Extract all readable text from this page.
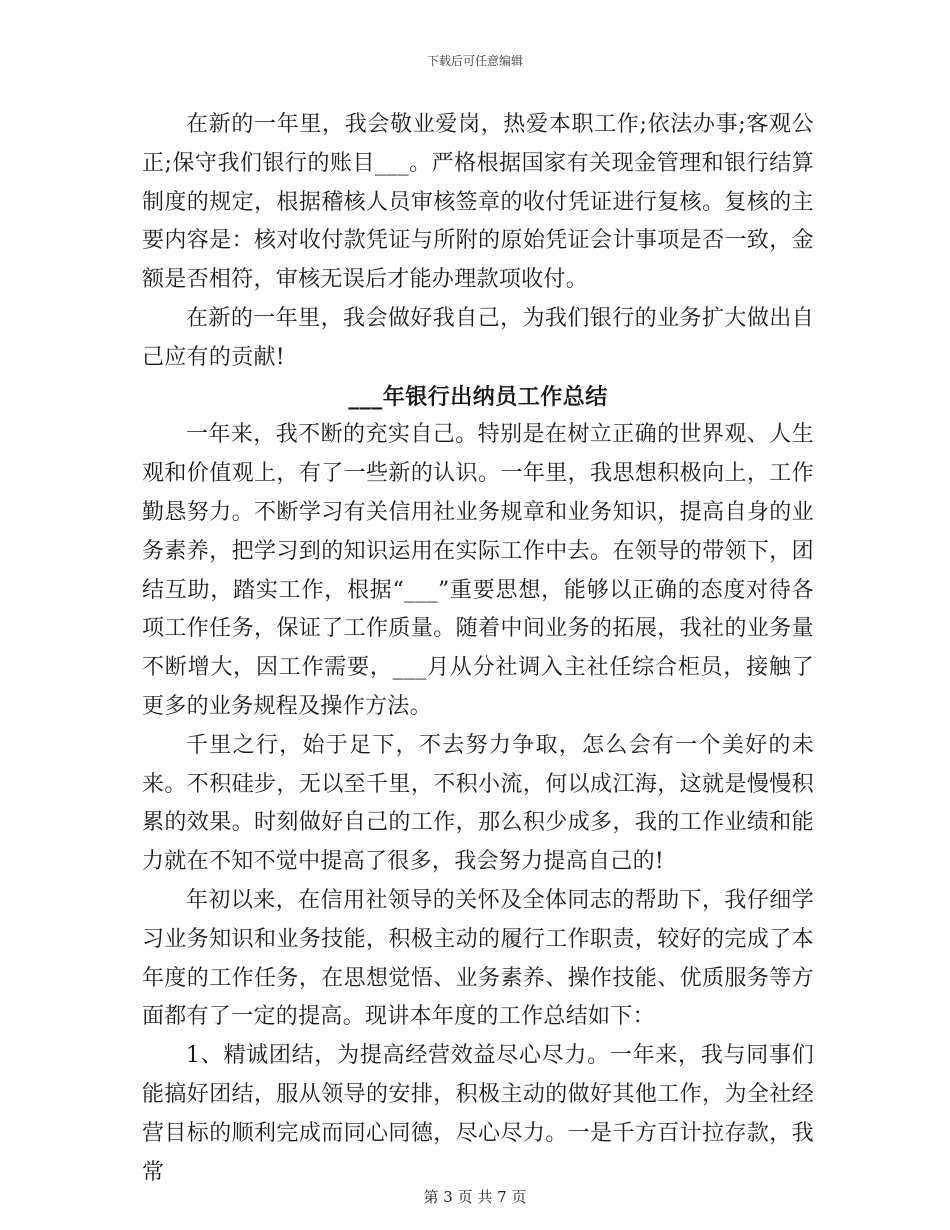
下载后可任意编辑

在新的一年里，我会敬业爱岗，热爱本职工作;依法办事;客观公正;保守我们银行的账目___。严格根据国家有关现金管理和银行结算制度的规定，根据稽核人员审核签章的收付凭证进行复核。复核的主要内容是：核对收付款凭证与所附的原始凭证会计事项是否一致，金额是否相符，审核无误后才能办理款项收付。

在新的一年里，我会做好我自己，为我们银行的业务扩大做出自己应有的贡献!

___年银行出纳员工作总结

一年来，我不断的充实自己。特别是在树立正确的世界观、人生观和价值观上，有了一些新的认识。一年里，我思想积极向上，工作勤恳努力。不断学习有关信用社业务规章和业务知识，提高自身的业务素养，把学习到的知识运用在实际工作中去。在领导的带领下，团结互助，踏实工作，根据“___”重要思想，能够以正确的态度对待各项工作任务，保证了工作质量。随着中间业务的拓展，我社的业务量不断增大，因工作需要，___月从分社调入主社任综合柜员，接触了更多的业务规程及操作方法。

千里之行，始于足下，不去努力争取，怎么会有一个美好的未来。不积硅步，无以至千里，不积小流，何以成江海，这就是慢慢积累的效果。时刻做好自己的工作，那么积少成多，我的工作业绩和能力就在不知不觉中提高了很多，我会努力提高自己的!

年初以来，在信用社领导的关怀及全体同志的帮助下，我仔细学习业务知识和业务技能，积极主动的履行工作职责，较好的完成了本年度的工作任务，在思想觉悟、业务素养、操作技能、优质服务等方面都有了一定的提高。现讲本年度的工作总结如下：

1、精诚团结，为提高经营效益尽心尽力。一年来，我与同事们能搞好团结，服从领导的安排，积极主动的做好其他工作，为全社经营目标的顺利完成而同心同德，尽心尽力。一是千方百计拉存款，我常

第 3 页 共 7 页
